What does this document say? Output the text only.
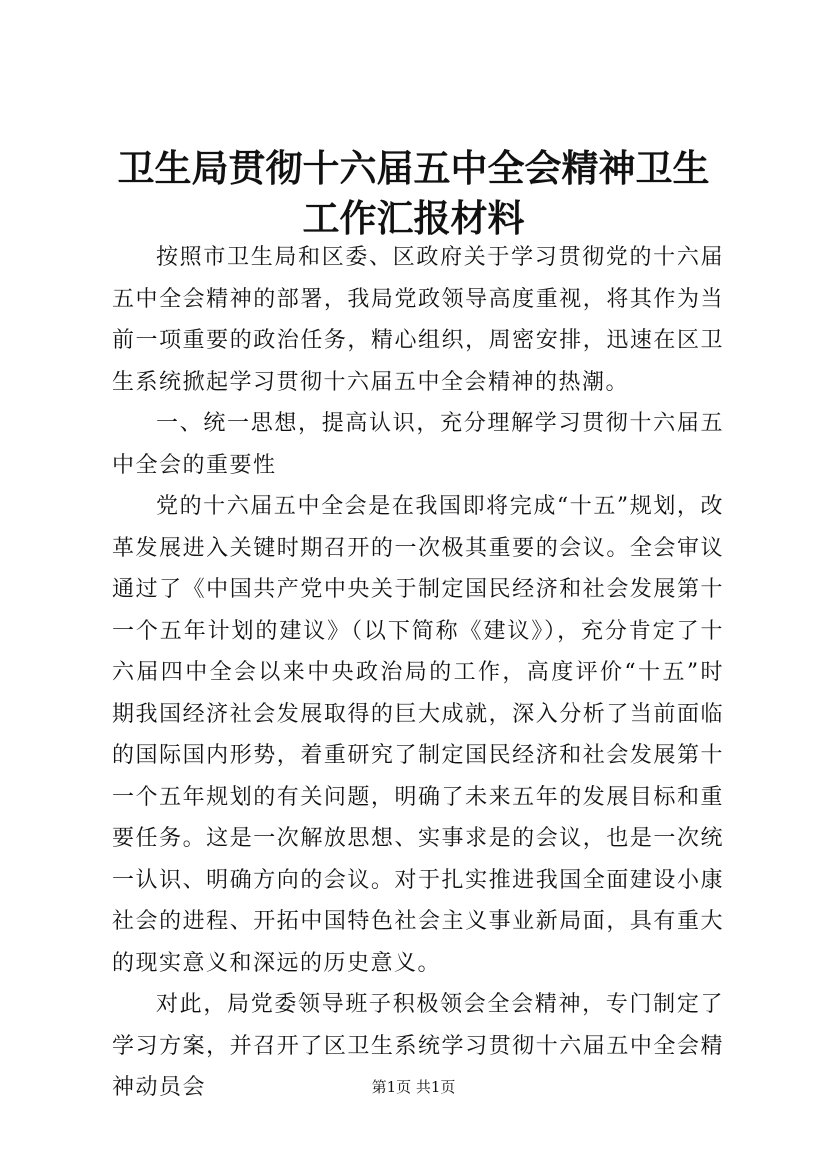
卫生局贯彻十六届五中全会精神卫生工作汇报材料

按照市卫生局和区委、区政府关于学习贯彻党的十六届五中全会精神的部署，我局党政领导高度重视，将其作为当前一项重要的政治任务，精心组织，周密安排，迅速在区卫生系统掀起学习贯彻十六届五中全会精神的热潮。

一、统一思想，提高认识，充分理解学习贯彻十六届五中全会的重要性

党的十六届五中全会是在我国即将完成“十五”规划，改革发展进入关键时期召开的一次极其重要的会议。全会审议通过了《中国共产党中央关于制定国民经济和社会发展第十一个五年计划的建议》（以下简称《建议》），充分肯定了十六届四中全会以来中央政治局的工作，高度评价“十五”时期我国经济社会发展取得的巨大成就，深入分析了当前面临的国际国内形势，着重研究了制定国民经济和社会发展第十一个五年规划的有关问题，明确了未来五年的发展目标和重要任务。这是一次解放思想、实事求是的会议，也是一次统一认识、明确方向的会议。对于扎实推进我国全面建设小康社会的进程、开拓中国特色社会主义事业新局面，具有重大的现实意义和深远的历史意义。

对此，局党委领导班子积极领会全会精神，专门制定了学习方案，并召开了区卫生系统学习贯彻十六届五中全会精神动员会	第1页 共1页
